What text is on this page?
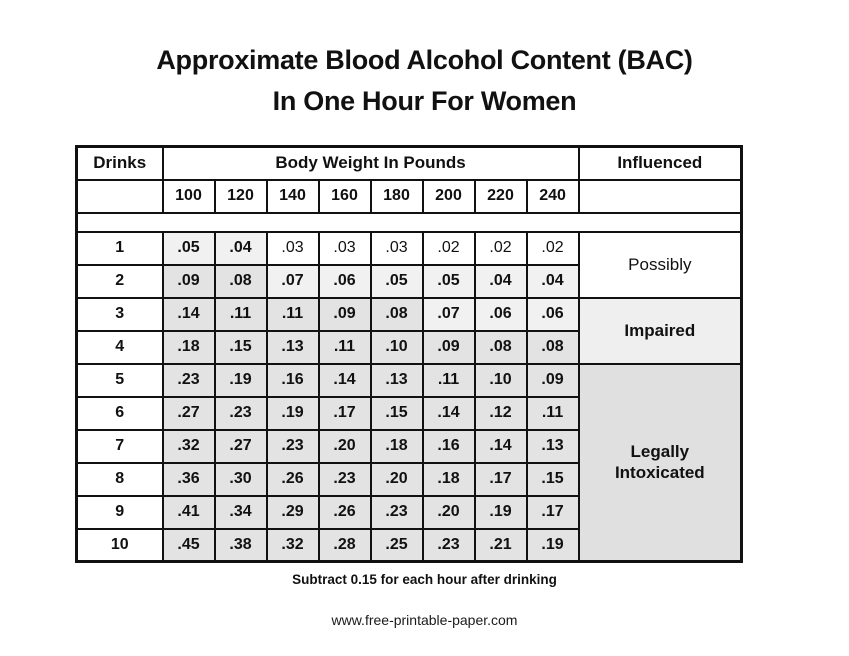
Approximate Blood Alcohol Content (BAC)
In One Hour For Women
Drinks	Body Weight In Pounds								Influenced
	100	120	140	160	180	200	220	240	

1	.05	.04	.03	.03	.03	.02	.02	.02	Possibly
2	.09	.08	.07	.06	.05	.05	.04	.04	
3	.14	.11	.11	.09	.08	.07	.06	.06	Impaired
4	.18	.15	.13	.11	.10	.09	.08	.08	
5	.23	.19	.16	.14	.13	.11	.10	.09	Legally Intoxicated
6	.27	.23	.19	.17	.15	.14	.12	.11	
7	.32	.27	.23	.20	.18	.16	.14	.13	
8	.36	.30	.26	.23	.20	.18	.17	.15	
9	.41	.34	.29	.26	.23	.20	.19	.17	
10	.45	.38	.32	.28	.25	.23	.21	.19	
Subtract 0.15 for each hour after drinking
www.free-printable-paper.com
